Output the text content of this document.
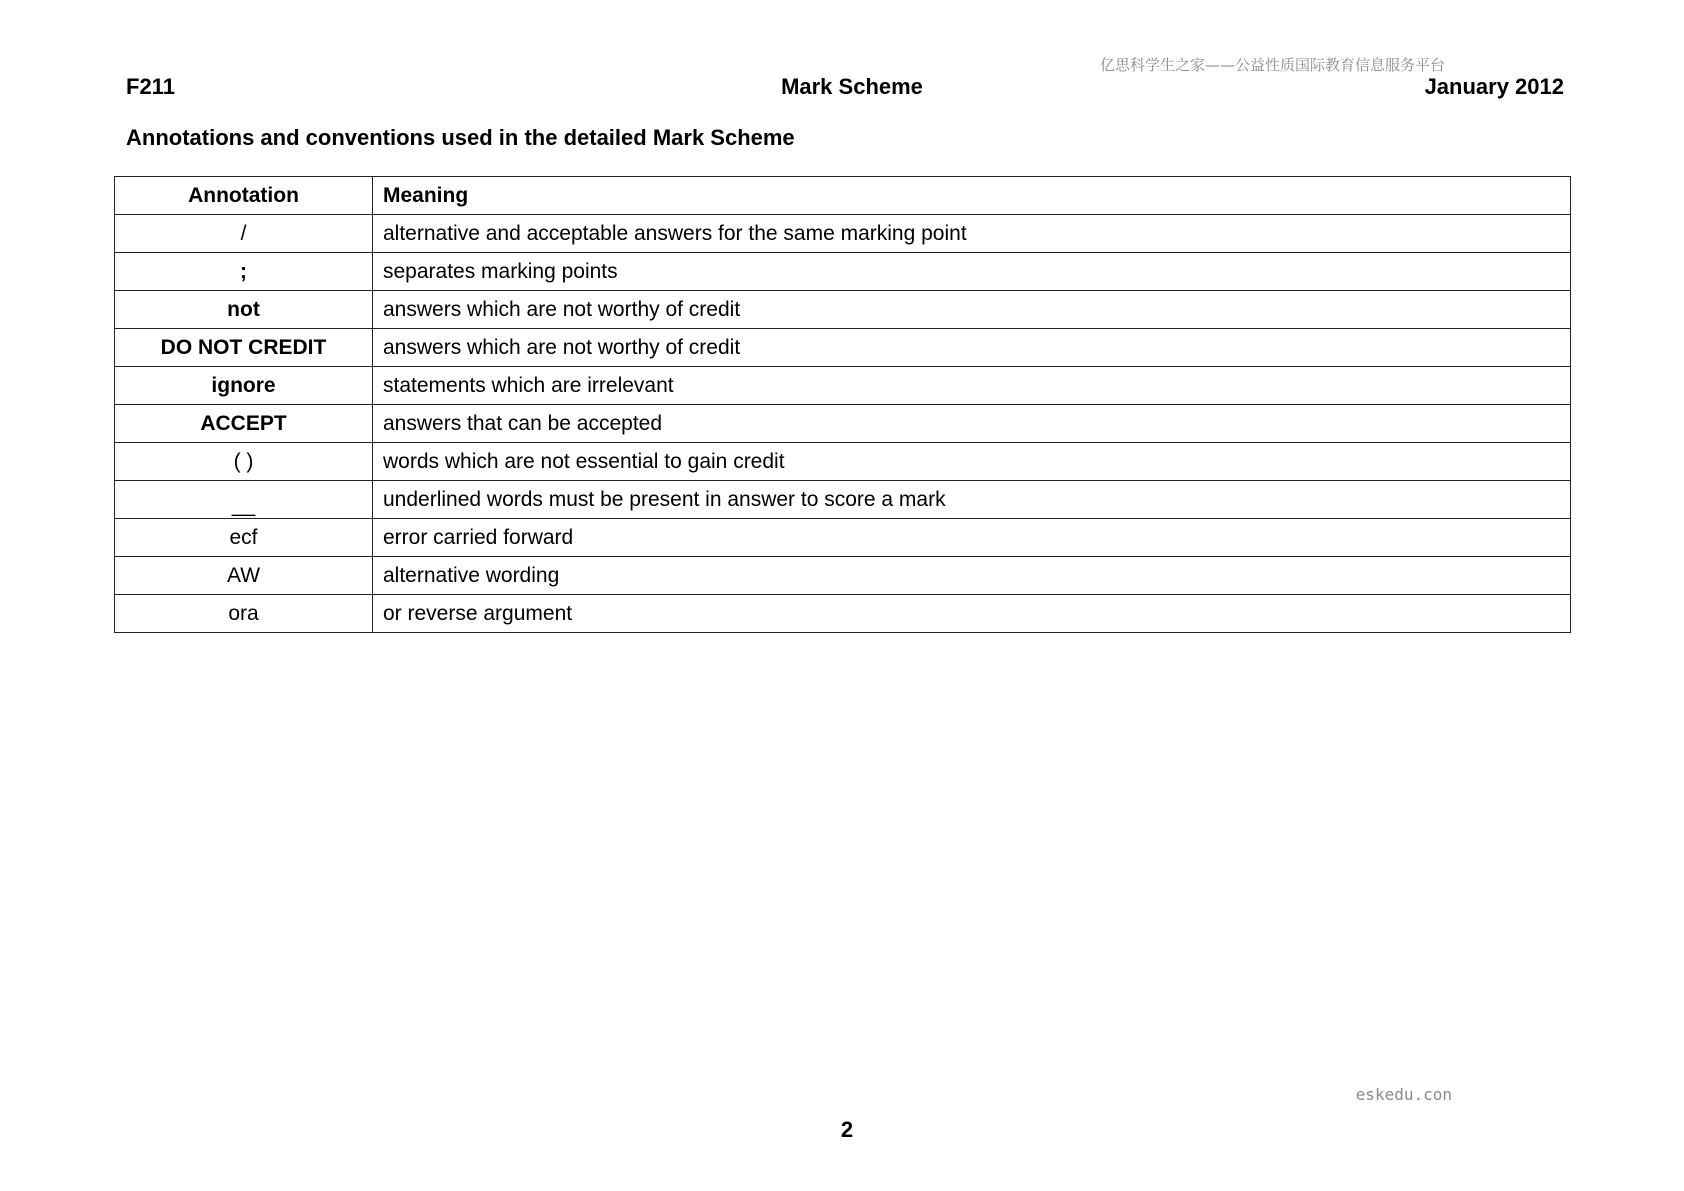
亿思科学生之家——公益性质国际教育信息服务平台
F211	Mark Scheme	January 2012
Annotations and conventions used in the detailed Mark Scheme
Annotation	Meaning
/	alternative and acceptable answers for the same marking point
;	separates marking points
not	answers which are not worthy of credit
DO NOT CREDIT	answers which are not worthy of credit
ignore	statements which are irrelevant
ACCEPT	answers that can be accepted
( )	words which are not essential to gain credit
__	underlined words must be present in answer to score a mark
ecf	error carried forward
AW	alternative wording
ora	or reverse argument
eskedu.con
2
